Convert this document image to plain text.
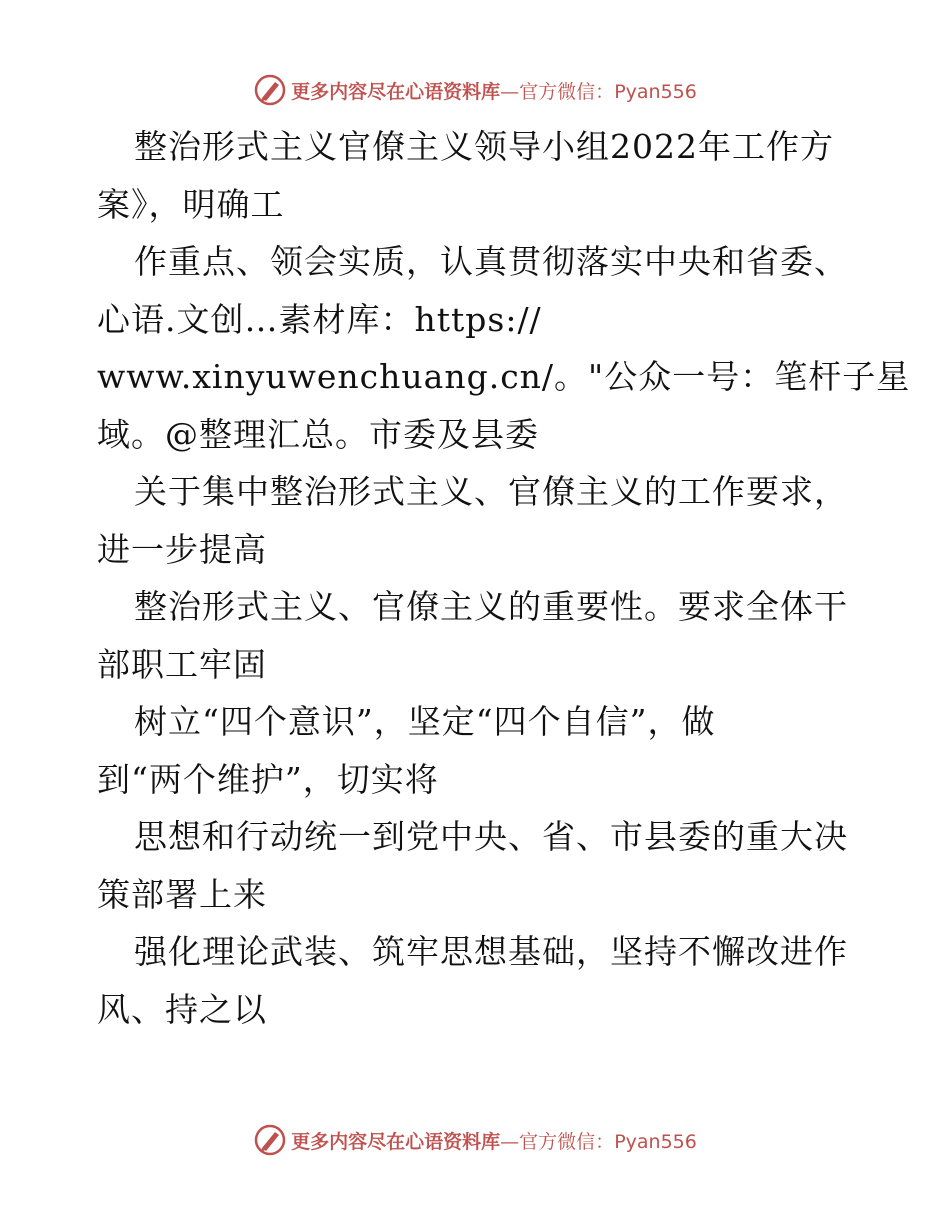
更多内容尽在心语资料库—官方微信：Pyan556
整治形式主义官僚主义领导小组2022年工作方
案》，明确工
作重点、领会实质，认真贯彻落实中央和省委、
心语.文创…素材库：https://
www.xinyuwenchuang.cn/。"公众一号：笔杆子星
域。@整理汇总。市委及县委
关于集中整治形式主义、官僚主义的工作要求，
进一步提高
整治形式主义、官僚主义的重要性。要求全体干
部职工牢固
树立“四个意识”，坚定“四个自信”，做
到“两个维护”，切实将
思想和行动统一到党中央、省、市县委的重大决
策部署上来
强化理论武装、筑牢思想基础，坚持不懈改进作
风、持之以
更多内容尽在心语资料库—官方微信：Pyan556
